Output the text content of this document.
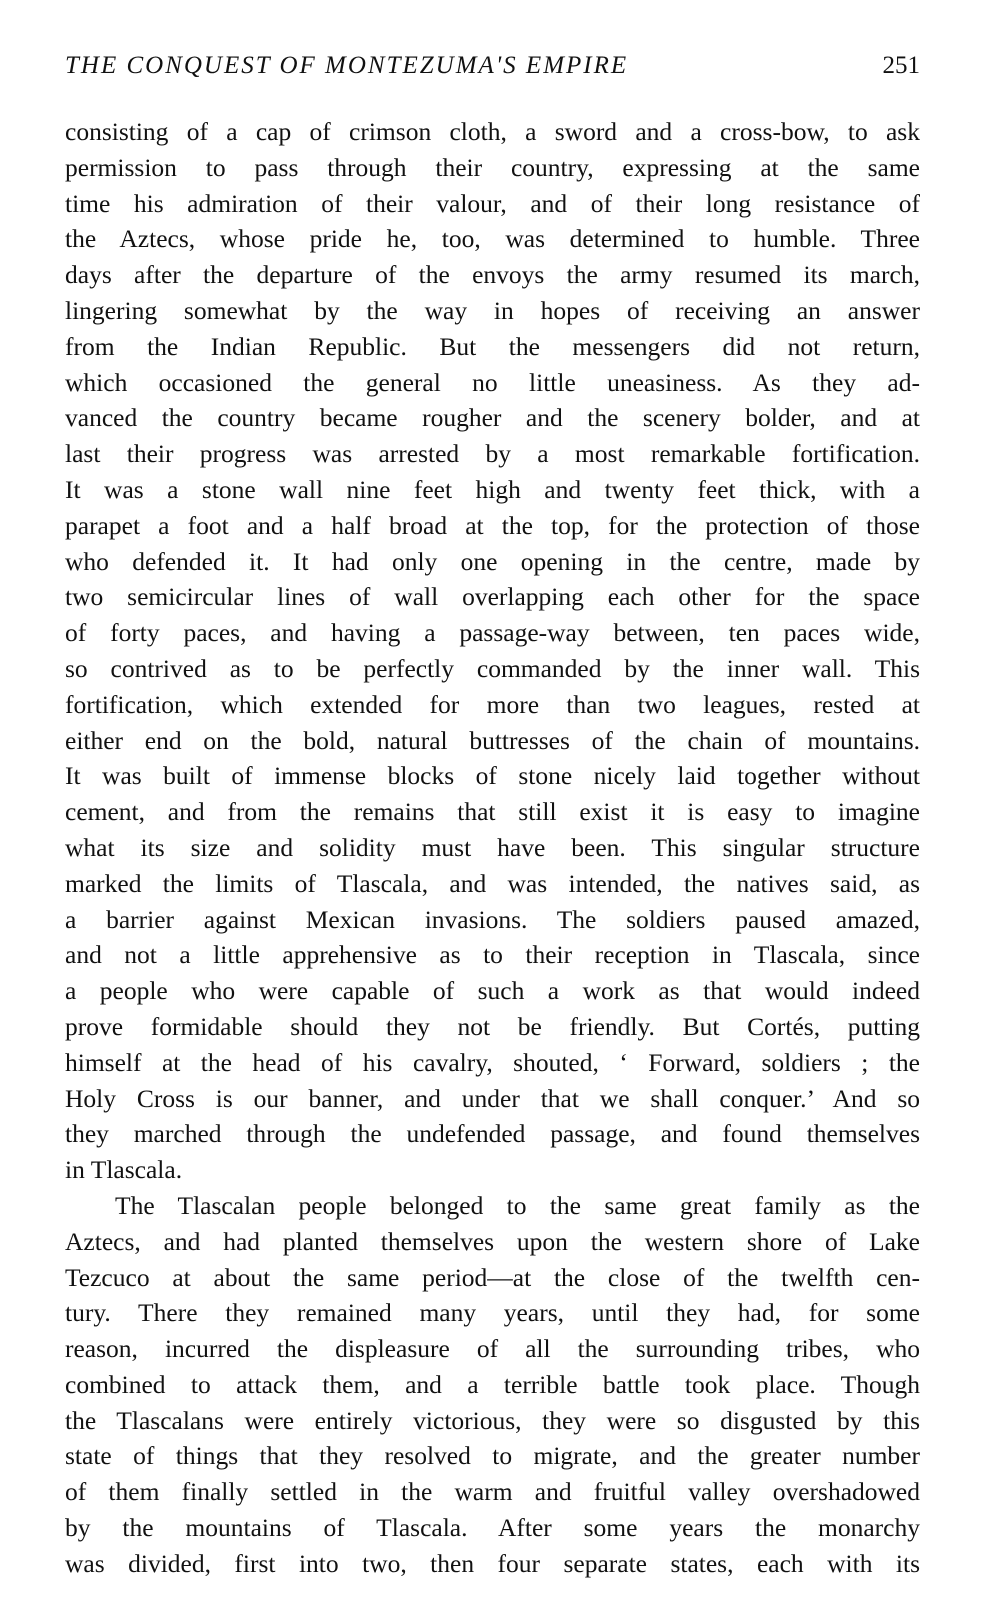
THE CONQUEST OF MONTEZUMA'S EMPIRE	251
consisting of a cap of crimson cloth, a sword and a cross-bow, to ask
permission to pass through their country, expressing at the same
time his admiration of their valour, and of their long resistance of
the Aztecs, whose pride he, too, was determined to humble. Three
days after the departure of the envoys the army resumed its march,
lingering somewhat by the way in hopes of receiving an answer
from the Indian Republic. But the messengers did not return,
which occasioned the general no little uneasiness. As they ad-
vanced the country became rougher and the scenery bolder, and at
last their progress was arrested by a most remarkable fortification.
It was a stone wall nine feet high and twenty feet thick, with a
parapet a foot and a half broad at the top, for the protection of those
who defended it. It had only one opening in the centre, made by
two semicircular lines of wall overlapping each other for the space
of forty paces, and having a passage-way between, ten paces wide,
so contrived as to be perfectly commanded by the inner wall. This
fortification, which extended for more than two leagues, rested at
either end on the bold, natural buttresses of the chain of mountains.
It was built of immense blocks of stone nicely laid together without
cement, and from the remains that still exist it is easy to imagine
what its size and solidity must have been. This singular structure
marked the limits of Tlascala, and was intended, the natives said, as
a barrier against Mexican invasions. The soldiers paused amazed,
and not a little apprehensive as to their reception in Tlascala, since
a people who were capable of such a work as that would indeed
prove formidable should they not be friendly. But Cortés, putting
himself at the head of his cavalry, shouted, ‘ Forward, soldiers ; the
Holy Cross is our banner, and under that we shall conquer.’ And so
they marched through the undefended passage, and found themselves
in Tlascala.
The Tlascalan people belonged to the same great family as the
Aztecs, and had planted themselves upon the western shore of Lake
Tezcuco at about the same period—at the close of the twelfth cen-
tury. There they remained many years, until they had, for some
reason, incurred the displeasure of all the surrounding tribes, who
combined to attack them, and a terrible battle took place. Though
the Tlascalans were entirely victorious, they were so disgusted by this
state of things that they resolved to migrate, and the greater number
of them finally settled in the warm and fruitful valley overshadowed
by the mountains of Tlascala. After some years the monarchy
was divided, first into two, then four separate states, each with its
